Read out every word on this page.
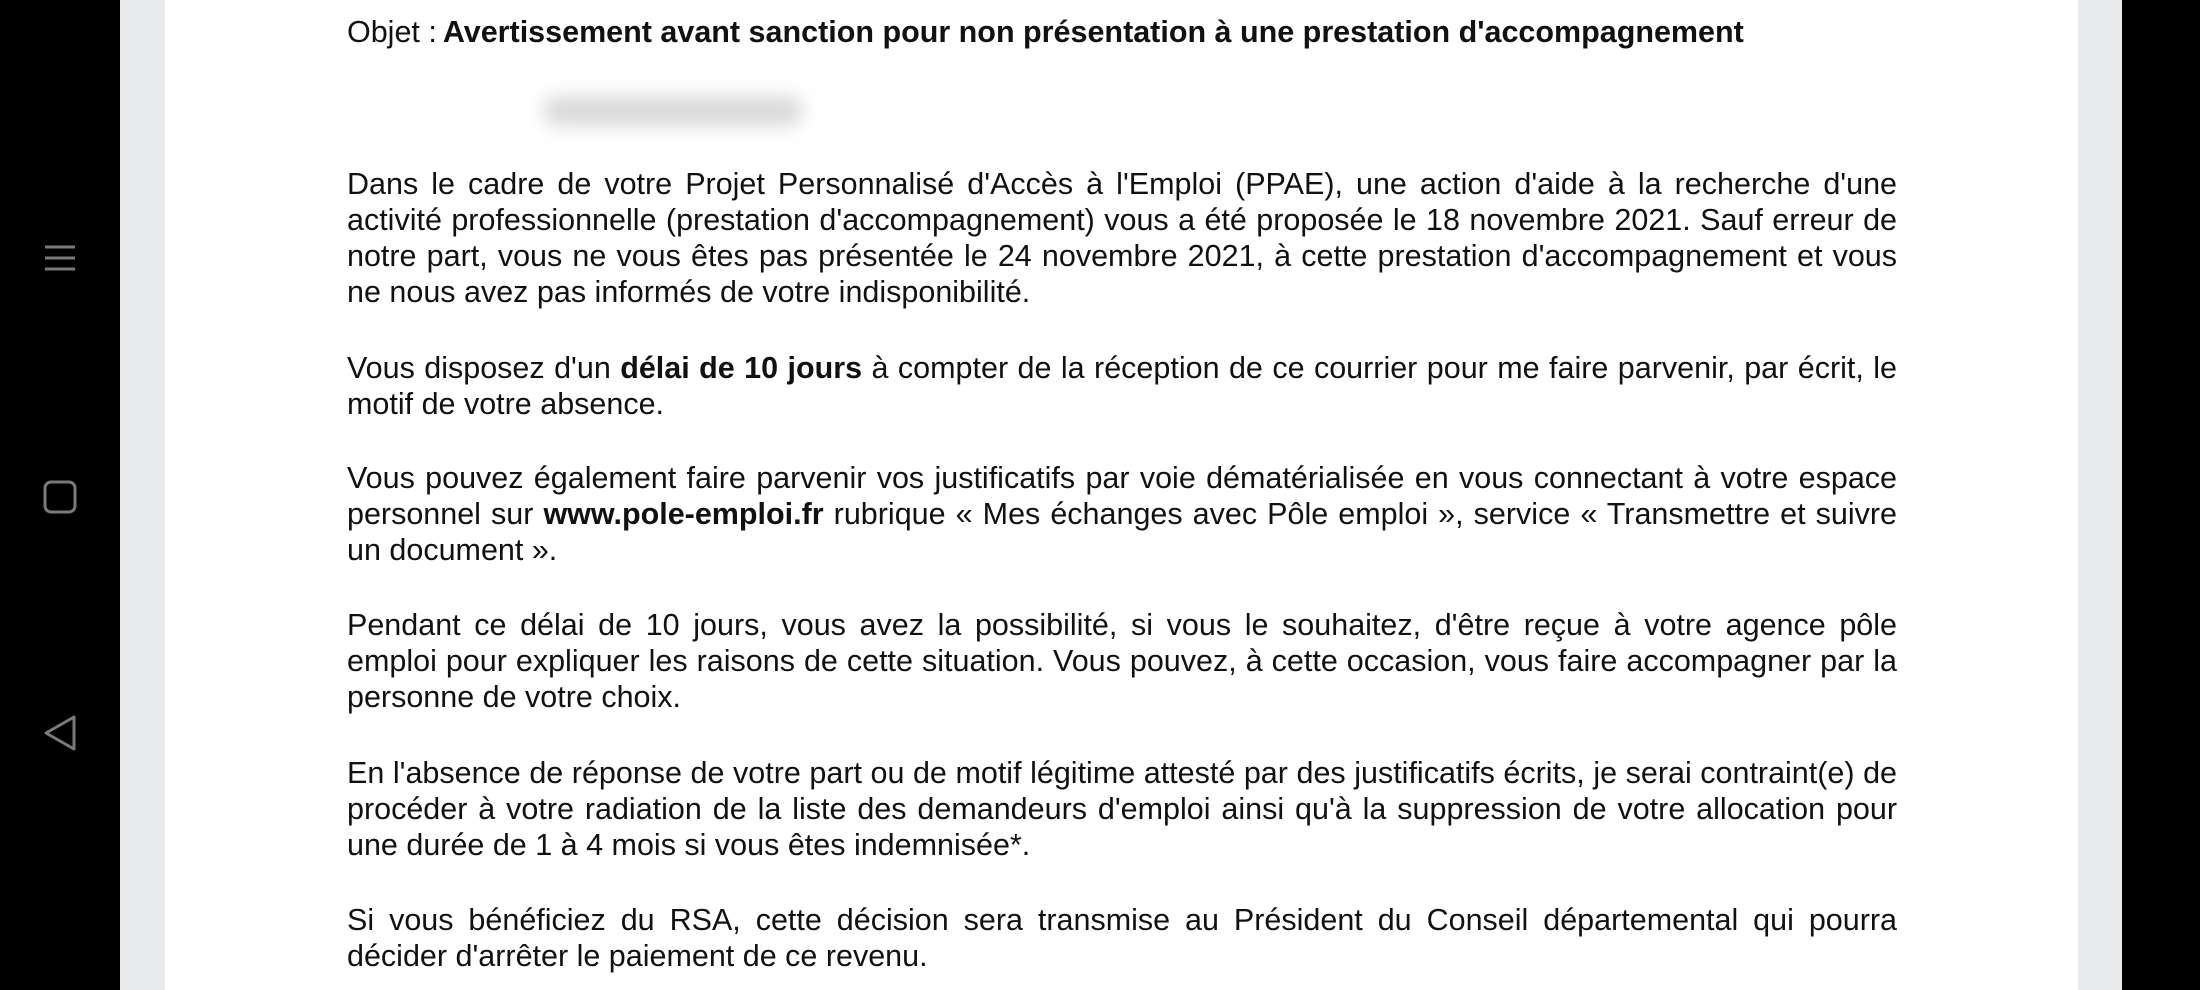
Objet : Avertissement avant sanction pour non présentation à une prestation d'accompagnement

Dans le cadre de votre Projet Personnalisé d'Accès à l'Emploi (PPAE), une action d'aide à la recherche d'une activité professionnelle (prestation d'accompagnement) vous a été proposée le 18 novembre 2021. Sauf erreur de notre part, vous ne vous êtes pas présentée le 24 novembre 2021, à cette prestation d'accompagnement et vous ne nous avez pas informés de votre indisponibilité.

Vous disposez d'un délai de 10 jours à compter de la réception de ce courrier pour me faire parvenir, par écrit, le motif de votre absence.

Vous pouvez également faire parvenir vos justificatifs par voie dématérialisée en vous connectant à votre espace personnel sur www.pole-emploi.fr rubrique « Mes échanges avec Pôle emploi », service « Transmettre et suivre un document ».

Pendant ce délai de 10 jours, vous avez la possibilité, si vous le souhaitez, d'être reçue à votre agence pôle emploi pour expliquer les raisons de cette situation. Vous pouvez, à cette occasion, vous faire accompagner par la personne de votre choix.

En l'absence de réponse de votre part ou de motif légitime attesté par des justificatifs écrits, je serai contraint(e) de procéder à votre radiation de la liste des demandeurs d'emploi ainsi qu'à la suppression de votre allocation pour une durée de 1 à 4 mois si vous êtes indemnisée*.

Si vous bénéficiez du RSA, cette décision sera transmise au Président du Conseil départemental qui pourra décider d'arrêter le paiement de ce revenu.
